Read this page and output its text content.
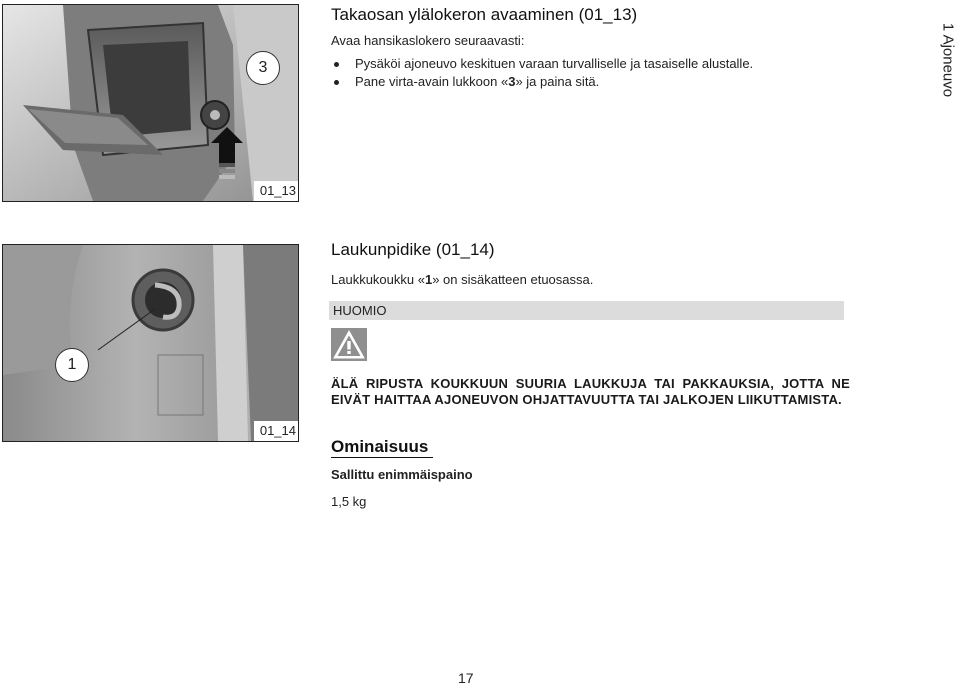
1 Ajoneuvo
3
01_13
Takaosan ylälokeron avaaminen (01_13)
Avaa hansikaslokero seuraavasti:
Pysäköi ajoneuvo keskituen varaan turvalliselle ja tasaiselle alustalle.
Pane virta-avain lukkoon «3» ja paina sitä.
1
01_14
Laukunpidike (01_14)
Laukkukoukku «1» on sisäkatteen etuosassa.
HUOMIO
ÄLÄ RIPUSTA KOUKKUUN SUURIA LAUKKUJA TAI PAKKAUKSIA, JOTTA NE EIVÄT HAITTAA AJONEUVON OHJATTAVUUTTA TAI JALKOJEN LIIKUTTAMISTA.
Ominaisuus
Sallittu enimmäispaino
1,5 kg
17
